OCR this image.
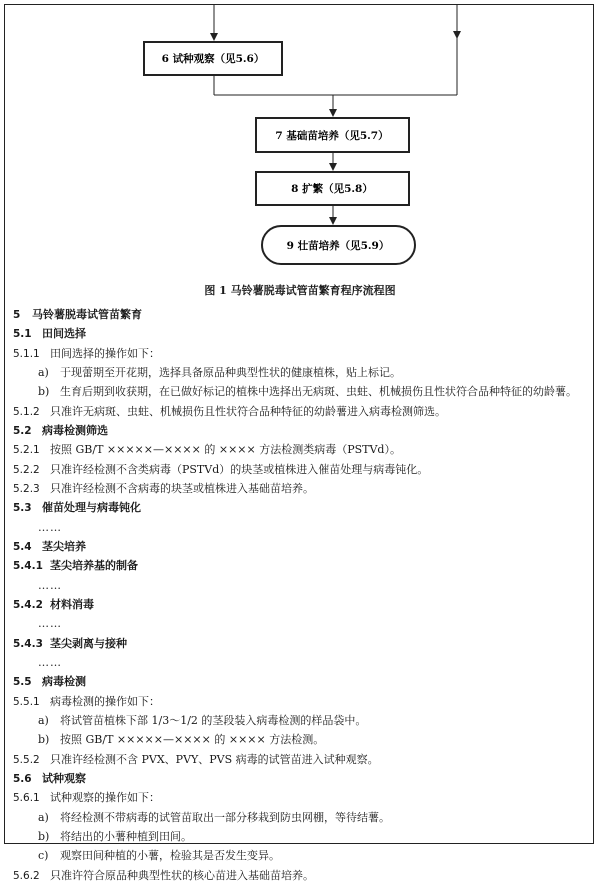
6 试种观察（见5.6）
7 基础苗培养（见5.7）
8 扩繁（见5.8）
9 壮苗培养（见5.9）
图 1 马铃薯脱毒试管苗繁育程序流程图
5 马铃薯脱毒试管苗繁育
5.1 田间选择
5.1.1 田间选择的操作如下：
a) 于现蕾期至开花期，选择具备原品种典型性状的健康植株，贴上标记。
b) 生育后期到收获期，在已做好标记的植株中选择出无病斑、虫蛀、机械损伤且性状符合品种特征的幼龄薯。
5.1.2 只准许无病斑、虫蛀、机械损伤且性状符合品种特征的幼龄薯进入病毒检测筛选。
5.2 病毒检测筛选
5.2.1 按照 GB/T ×××××—×××× 的 ×××× 方法检测类病毒（PSTVd）。
5.2.2 只准许经检测不含类病毒（PSTVd）的块茎或植株进入催苗处理与病毒钝化。
5.2.3 只准许经检测不含病毒的块茎或植株进入基础苗培养。
5.3 催苗处理与病毒钝化
……
5.4 茎尖培养
5.4.1 茎尖培养基的制备
……
5.4.2 材料消毒
……
5.4.3 茎尖剥离与接种
……
5.5 病毒检测
5.5.1 病毒检测的操作如下：
a) 将试管苗植株下部 1/3～1/2 的茎段装入病毒检测的样品袋中。
b) 按照 GB/T ×××××—×××× 的 ×××× 方法检测。
5.5.2 只准许经检测不含 PVX、PVY、PVS 病毒的试管苗进入试种观察。
5.6 试种观察
5.6.1 试种观察的操作如下：
a) 将经检测不带病毒的试管苗取出一部分移栽到防虫网棚，等待结薯。
b) 将结出的小薯种植到田间。
c) 观察田间种植的小薯，检验其是否发生变异。
5.6.2 只准许符合原品种典型性状的核心苗进入基础苗培养。
